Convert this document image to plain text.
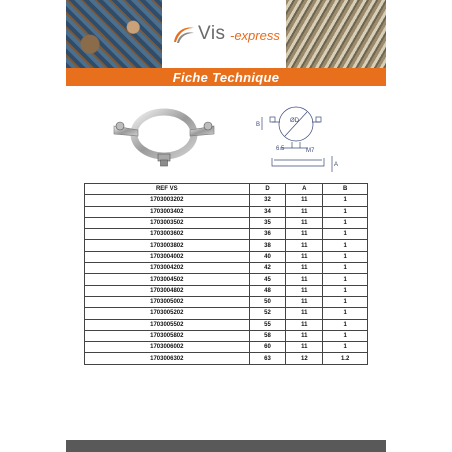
Vis -express
Fiche Technique
ØD
B
6.5	M7
A
REF VS	D	A	B
1703003202	32	11	1
1703003402	34	11	1
1703003502	35	11	1
1703003602	36	11	1
1703003802	38	11	1
1703004002	40	11	1
1703004202	42	11	1
1703004502	45	11	1
1703004802	48	11	1
1703005002	50	11	1
1703005202	52	11	1
1703005502	55	11	1
1703005802	58	11	1
1703006002	60	11	1
1703006302	63	12	1.2
